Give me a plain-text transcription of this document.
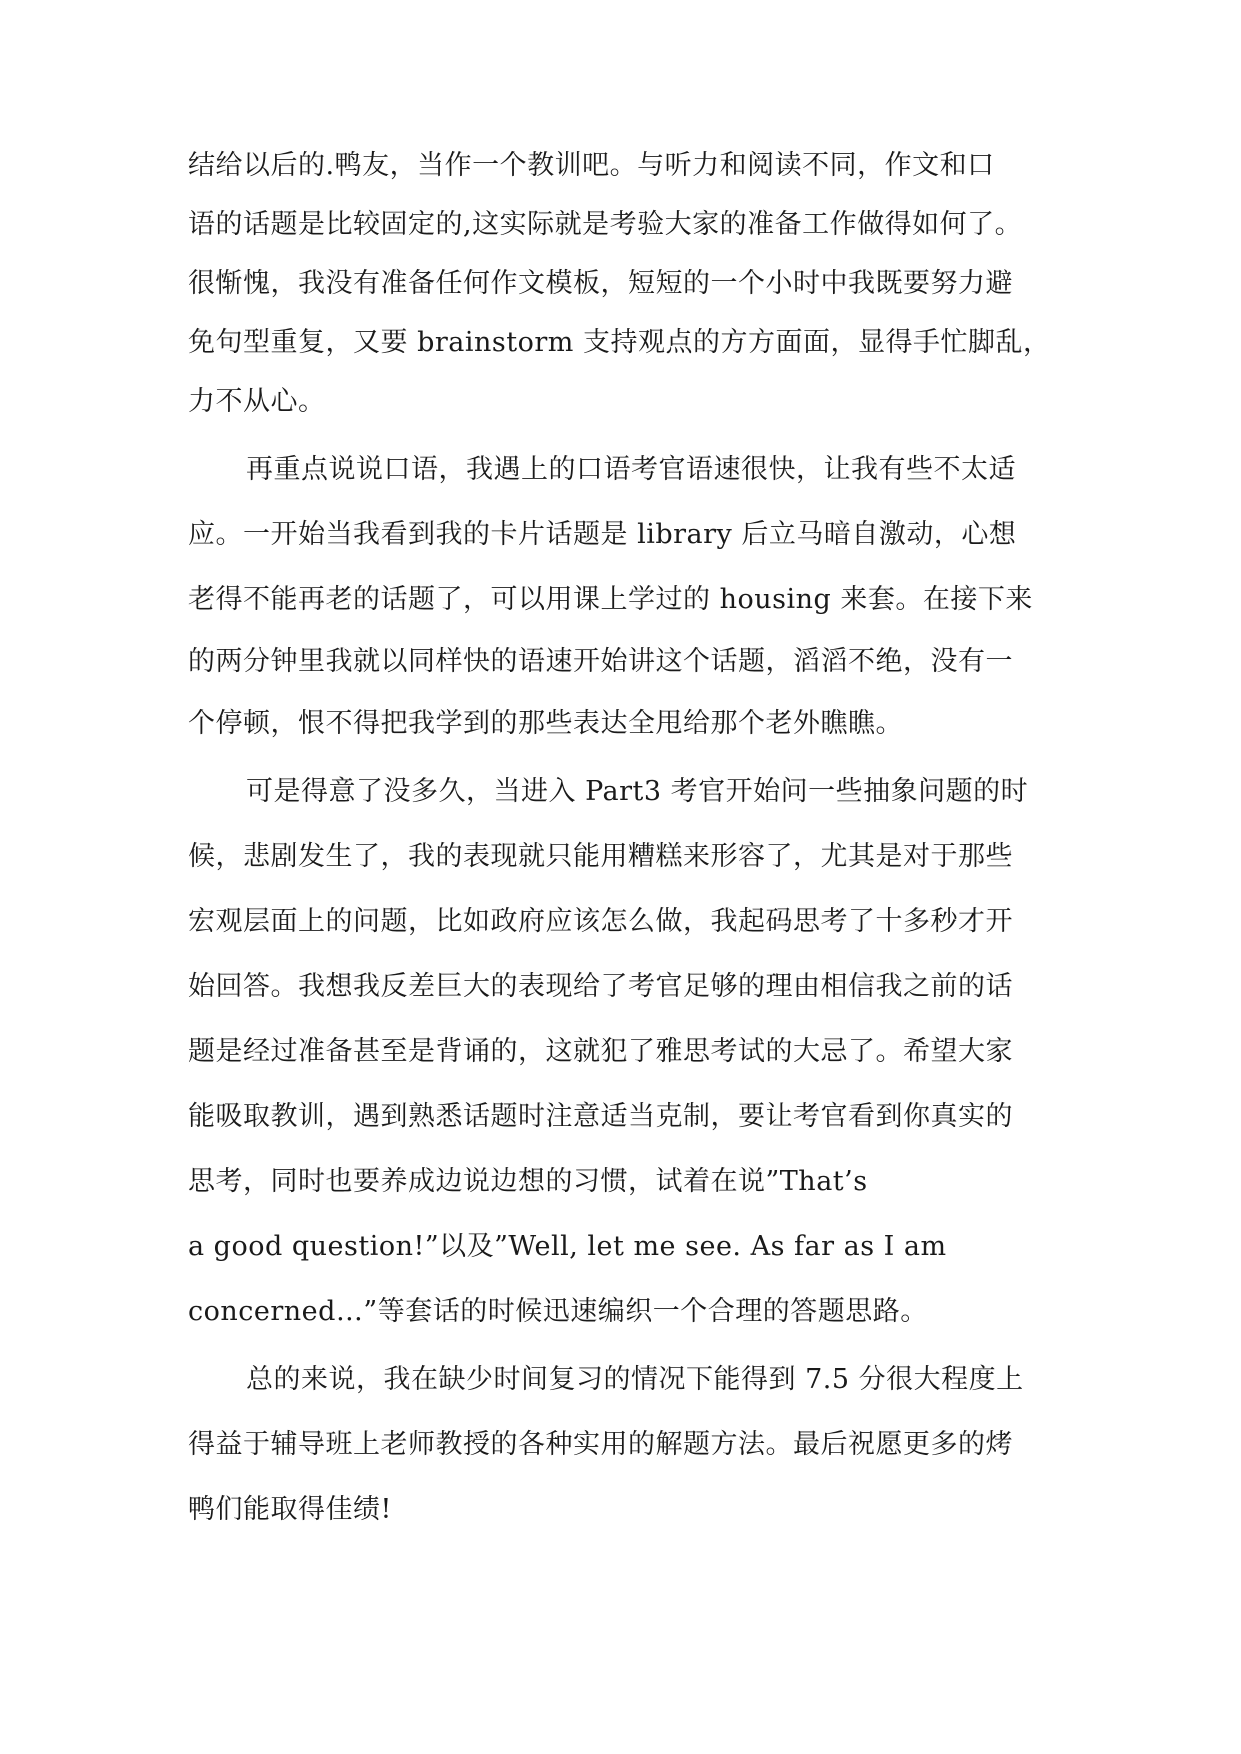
结给以后的.鸭友，当作一个教训吧。与听力和阅读不同，作文和口
语的话题是比较固定的,这实际就是考验大家的准备工作做得如何了。
很惭愧，我没有准备任何作文模板，短短的一个小时中我既要努力避
免句型重复，又要 brainstorm 支持观点的方方面面，显得手忙脚乱，
力不从心。
再重点说说口语，我遇上的口语考官语速很快，让我有些不太适
应。一开始当我看到我的卡片话题是 library 后立马暗自激动，心想
老得不能再老的话题了，可以用课上学过的 housing 来套。在接下来
的两分钟里我就以同样快的语速开始讲这个话题，滔滔不绝，没有一
个停顿，恨不得把我学到的那些表达全甩给那个老外瞧瞧。
可是得意了没多久，当进入 Part3 考官开始问一些抽象问题的时
候，悲剧发生了，我的表现就只能用糟糕来形容了，尤其是对于那些
宏观层面上的问题，比如政府应该怎么做，我起码思考了十多秒才开
始回答。我想我反差巨大的表现给了考官足够的理由相信我之前的话
题是经过准备甚至是背诵的，这就犯了雅思考试的大忌了。希望大家
能吸取教训，遇到熟悉话题时注意适当克制，要让考官看到你真实的
思考，同时也要养成边说边想的习惯，试着在说”That’s
a good question!”以及”Well, let me see. As far as I am
concerned…”等套话的时候迅速编织一个合理的答题思路。
总的来说，我在缺少时间复习的情况下能得到 7.5 分很大程度上
得益于辅导班上老师教授的各种实用的解题方法。最后祝愿更多的烤
鸭们能取得佳绩!
